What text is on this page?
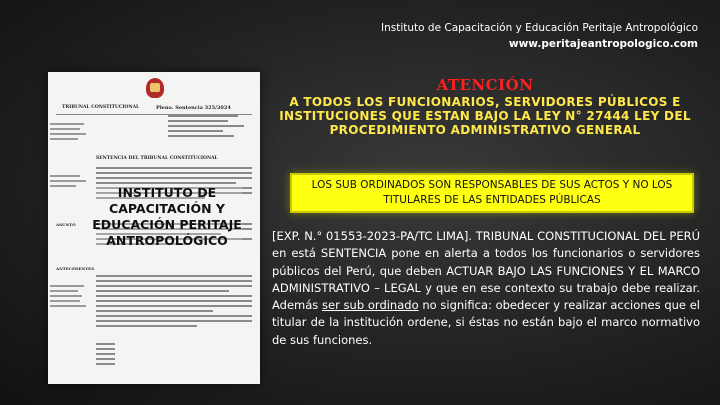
Instituto de Capacitación y Educación Peritaje Antropológico
www.peritajeantropologico.com
TRIBUNAL CONSTITUCIONAL	Pleno. Sentencia 325/2024
SENTENCIA DEL TRIBUNAL CONSTITUCIONAL
ASUNTO
ANTECEDENTES
INSTITUTO DE CAPACITACIÓN Y EDUCACIÓN PERITAJE ANTROPOLÓGICO
ATENCIÓN
A TODOS LOS FUNCIONARIOS, SERVIDORES PÚBLICOS E INSTITUCIONES QUE ESTAN BAJO LA LEY N° 27444 LEY DEL PROCEDIMIENTO ADMINISTRATIVO GENERAL
LOS SUB ORDINADOS SON RESPONSABLES DE SUS ACTOS Y NO LOS TITULARES DE LAS ENTIDADES PÚBLICAS
[EXP. N.° 01553-2023-PA/TC LIMA]. TRIBUNAL CONSTITUCIONAL DEL PERÚ en está SENTENCIA pone en alerta a todos los funcionarios o servidores públicos del Perú, que deben ACTUAR BAJO LAS FUNCIONES Y EL MARCO ADMINISTRATIVO – LEGAL y que en ese contexto su trabajo debe realizar. Además ser sub ordinado no significa: obedecer y realizar acciones que el titular de la institución ordene, si éstas no están bajo el marco normativo de sus funciones.
